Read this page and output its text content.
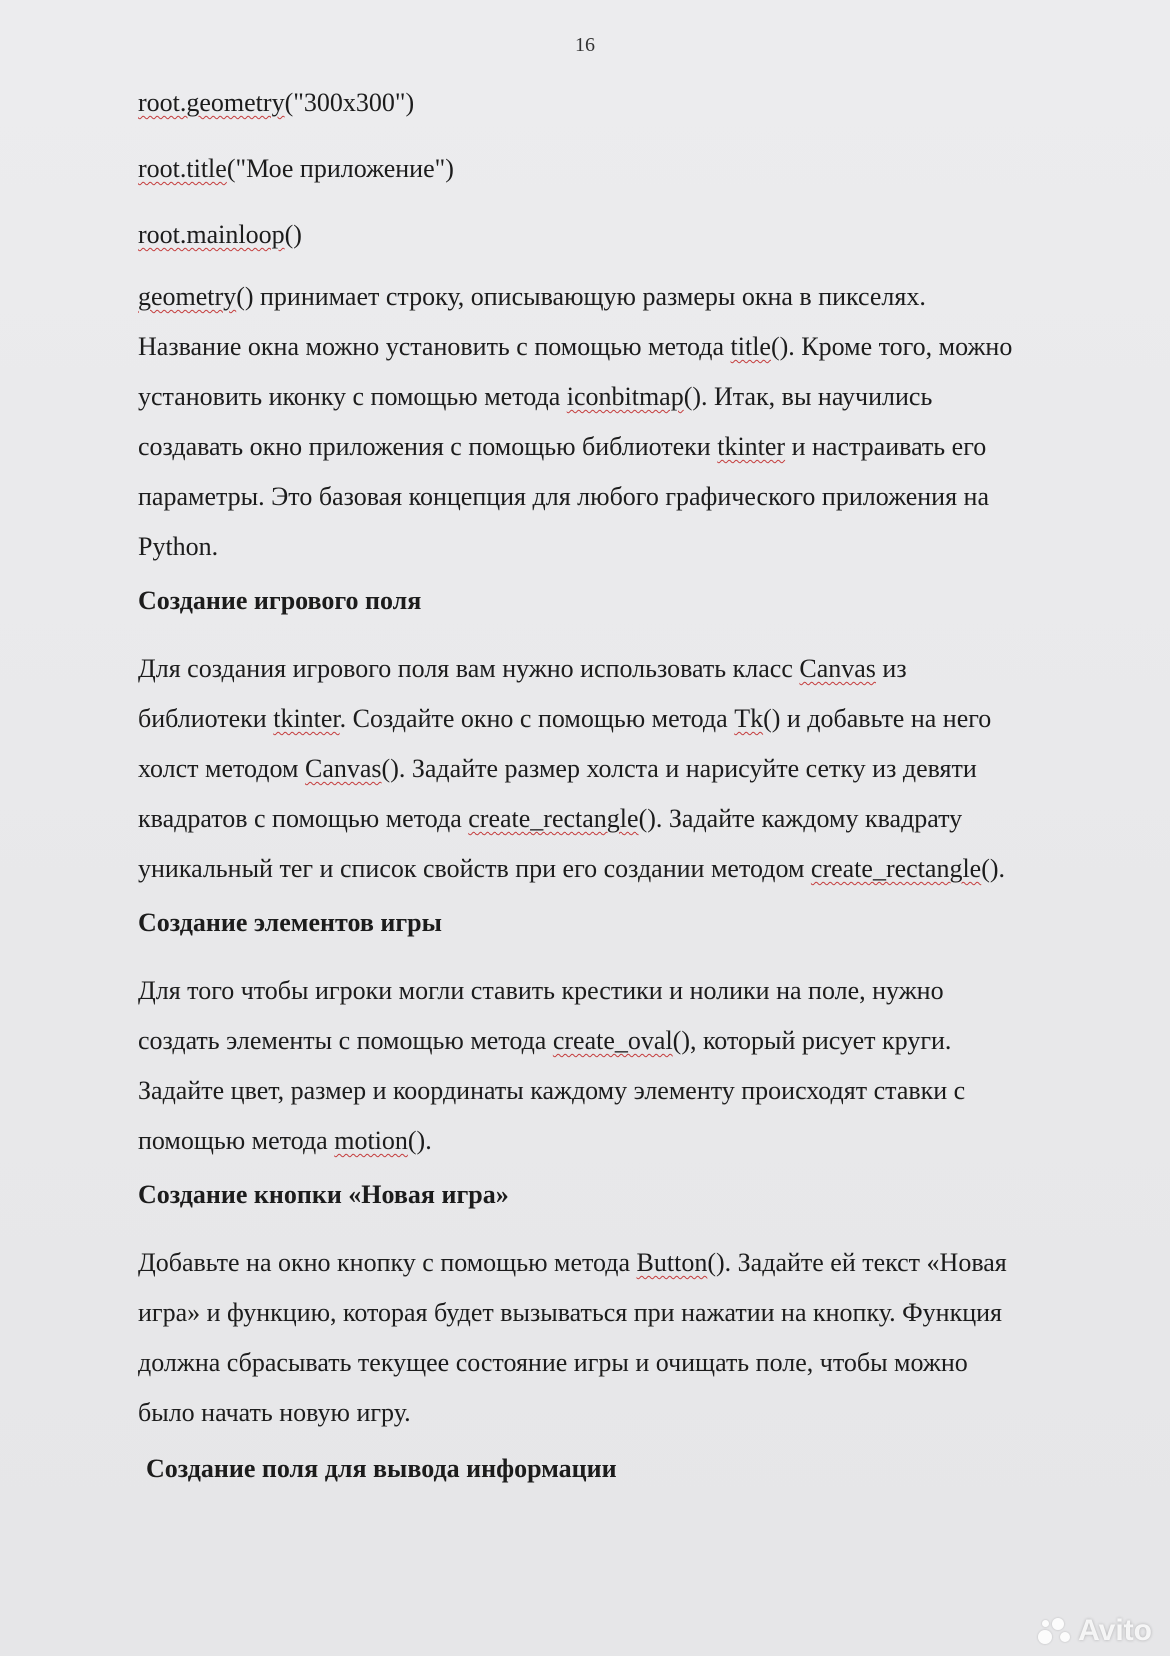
16
root.geometry("300x300")
root.title("Мое приложение")
root.mainloop()
geometry() принимает строку, описывающую размеры окна в пикселях.
Название окна можно установить с помощью метода title(). Кроме того, можно
установить иконку с помощью метода iconbitmap(). Итак, вы научились
создавать окно приложения с помощью библиотеки tkinter и настраивать его
параметры. Это базовая концепция для любого графического приложения на
Python.
Создание игрового поля
Для создания игрового поля вам нужно использовать класс Canvas из
библиотеки tkinter. Создайте окно с помощью метода Tk() и добавьте на него
холст методом Canvas(). Задайте размер холста и нарисуйте сетку из девяти
квадратов с помощью метода create_rectangle(). Задайте каждому квадрату
уникальный тег и список свойств при его создании методом create_rectangle().
Создание элементов игры
Для того чтобы игроки могли ставить крестики и нолики на поле, нужно
создать элементы с помощью метода create_oval(), который рисует круги.
Задайте цвет, размер и координаты каждому элементу происходят ставки с
помощью метода motion().
Создание кнопки «Новая игра»
Добавьте на окно кнопку с помощью метода Button(). Задайте ей текст «Новая
игра» и функцию, которая будет вызываться при нажатии на кнопку. Функция
должна сбрасывать текущее состояние игры и очищать поле, чтобы можно
было начать новую игру.
Создание поля для вывода информации
Avito
